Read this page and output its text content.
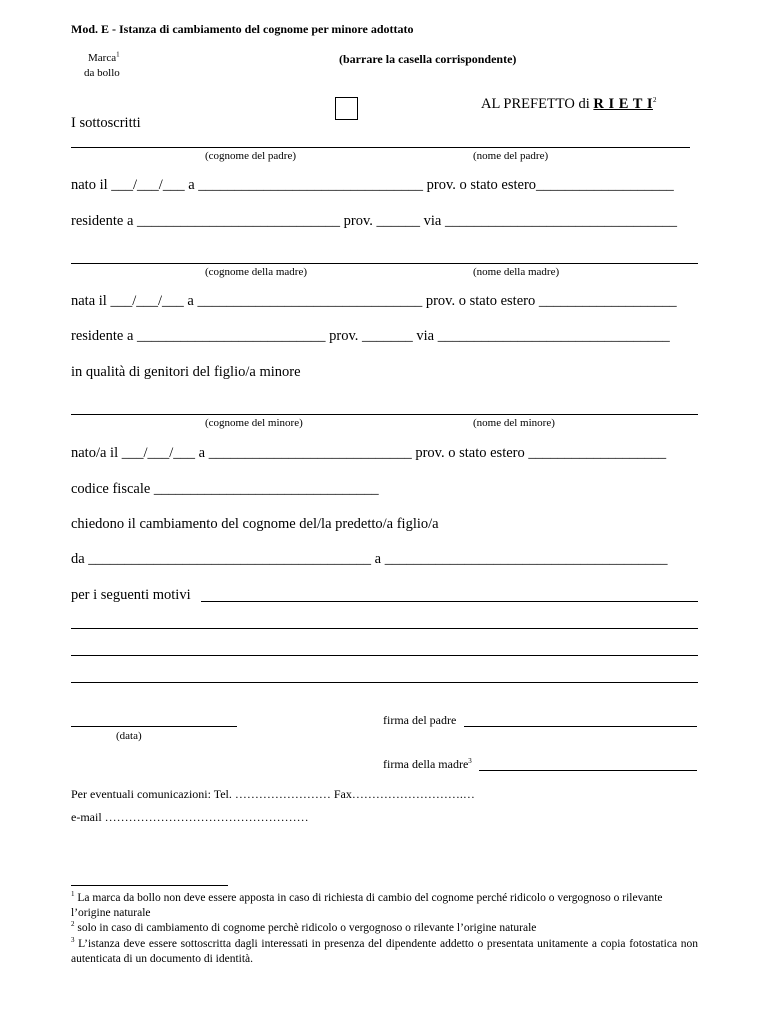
Mod. E - Istanza di cambiamento del cognome per minore adottato
Marca$^1$
da bollo
(barrare la casella corrispondente)
AL PREFETTO di R I E T $I^2$
I sottoscritti
(cognome del padre)	(nome del padre)
nato il ___/___/___ a _______________________________ prov. o stato estero___________________
residente a ____________________________ prov. ______ via ________________________________
(cognome della madre)	(nome della madre)
nata il ___/___/___ a _______________________________ prov. o stato estero ___________________
residente a __________________________ prov. _______ via ________________________________
in qualità di genitori del figlio/a minore
(cognome del minore)	(nome del minore)
nato/a il ___/___/___ a ____________________________ prov. o stato estero ___________________
codice fiscale _______________________________
chiedono il cambiamento del cognome del/la predetto/a figlio/a
da _______________________________________ a _______________________________________
per i seguenti motivi
(data)
firma del padre
firma della madre$^3$
Per eventuali comunicazioni: Tel. …………………… Fax……………………….…
e-mail ……………………………………………
$^1$ La marca da bollo non deve essere apposta in caso di richiesta di cambio del cognome perché ridicolo o vergognoso o rilevante l’origine naturale
$^2$ solo in caso di cambiamento di cognome perchè ridicolo o vergognoso o rilevante l’origine naturale
$^3$ L’istanza deve essere sottoscritta dagli interessati in presenza del dipendente addetto o presentata unitamente a copia fotostatica non autenticata di un documento di identità.
